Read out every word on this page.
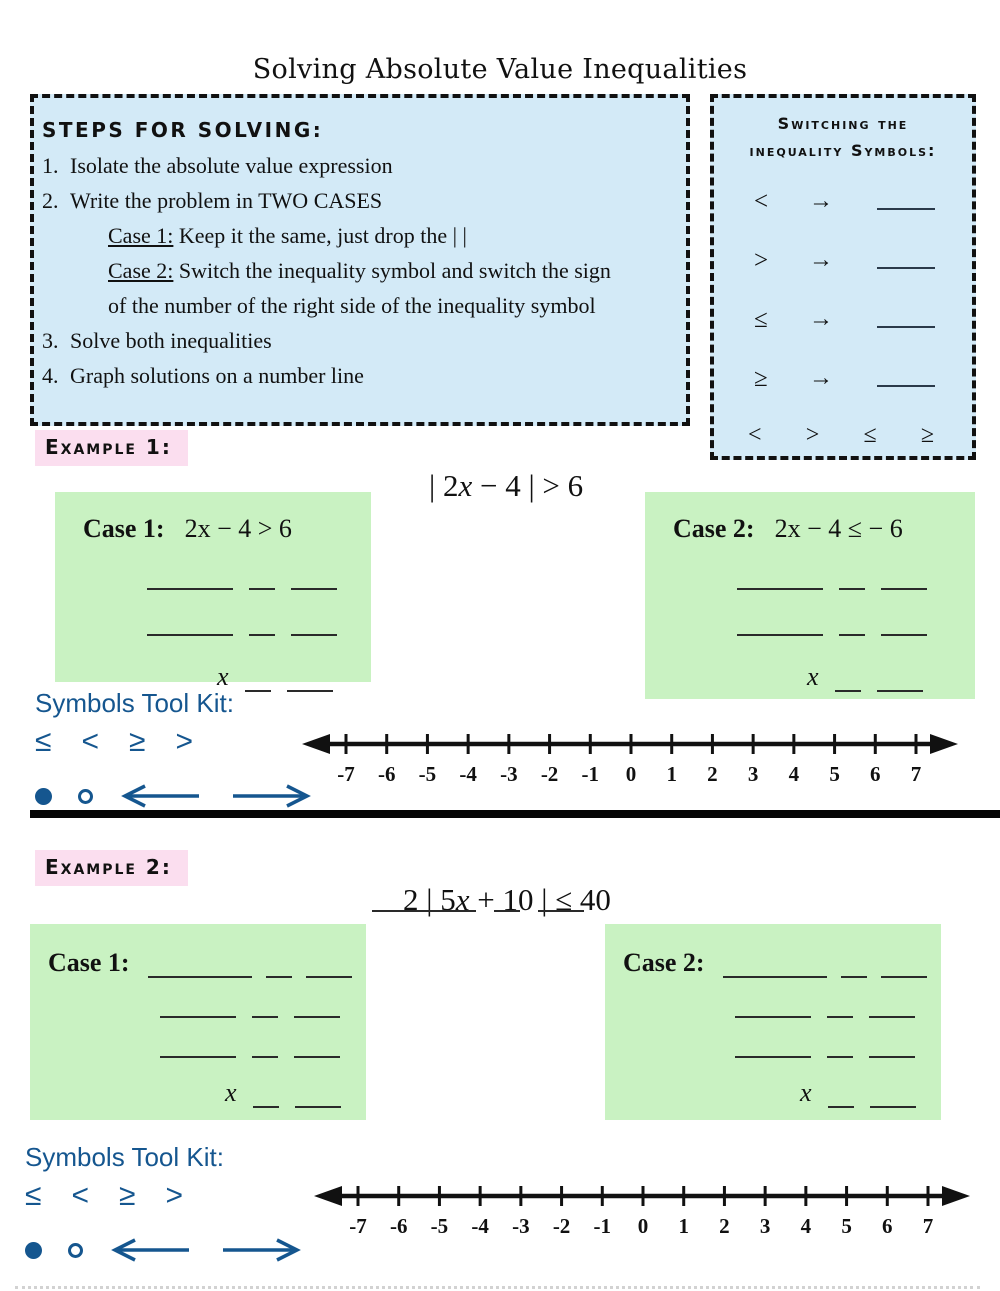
Solving Absolute Value Inequalities
STEPS FOR SOLVING:
1. Isolate the absolute value expression
2. Write the problem in TWO CASES
Case 1: Keep it the same, just drop the | |
Case 2: Switch the inequality symbol and switch the sign
of the number of the right side of the inequality symbol
3. Solve both inequalities
4. Graph solutions on a number line
Switching the
inequality Symbols:
<	→
>	→
≤	→
≥	→
< > ≤ ≥
Example 1:

| 2x − 4 | > 6

Case 1: 2x − 4 > 6
x
Case 2: 2x − 4 ≤ − 6
x
Symbols Tool Kit:
≤ < ≥ >
-7 -6 -5 -4 -3 -2 -1 0 1 2 3 4 5 6 7
Example 2:

2 | 5x + 10 | ≤ 40

Case 1:
x
Case 2:
x
Symbols Tool Kit:
≤ < ≥ >
-7 -6 -5 -4 -3 -2 -1 0 1 2 3 4 5 6 7
